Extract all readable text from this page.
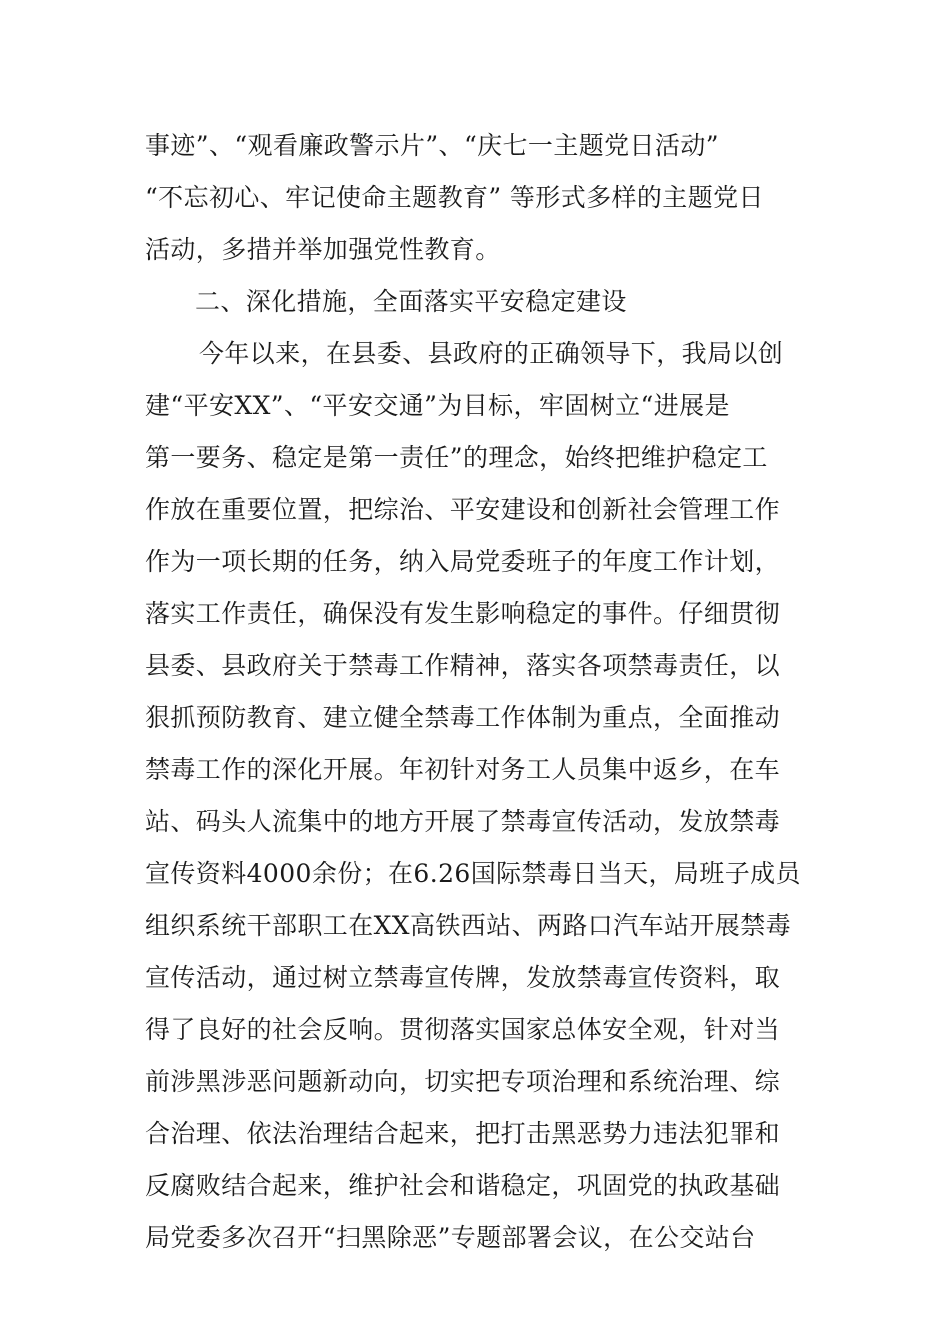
事迹”、“观看廉政警示片”、“庆七一主题党日活动”
“不忘初心、牢记使命主题教育” 等形式多样的主题党日
活动，多措并举加强党性教育。
二、深化措施，全面落实平安稳定建设
今年以来，在县委、县政府的正确领导下，我局以创
建“平安XX”、“平安交通”为目标，牢固树立“进展是
第一要务、稳定是第一责任”的理念，始终把维护稳定工
作放在重要位置，把综治、平安建设和创新社会管理工作
作为一项长期的任务，纳入局党委班子的年度工作计划，
落实工作责任，确保没有发生影响稳定的事件。仔细贯彻
县委、县政府关于禁毒工作精神，落实各项禁毒责任，以
狠抓预防教育、建立健全禁毒工作体制为重点，全面推动
禁毒工作的深化开展。年初针对务工人员集中返乡，在车
站、码头人流集中的地方开展了禁毒宣传活动，发放禁毒
宣传资料4000余份；在6.26国际禁毒日当天，局班子成员
组织系统干部职工在XX高铁西站、两路口汽车站开展禁毒
宣传活动，通过树立禁毒宣传牌，发放禁毒宣传资料，取
得了良好的社会反响。贯彻落实国家总体安全观，针对当
前涉黑涉恶问题新动向，切实把专项治理和系统治理、综
合治理、依法治理结合起来，把打击黑恶势力违法犯罪和
反腐败结合起来，维护社会和谐稳定，巩固党的执政基础
局党委多次召开“扫黑除恶”专题部署会议，在公交站台
